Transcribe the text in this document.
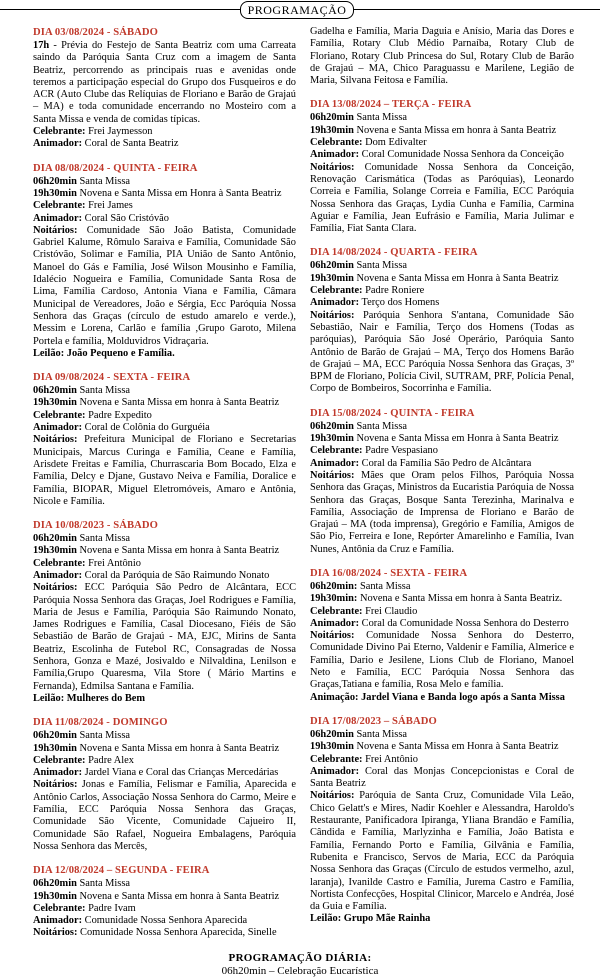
PROGRAMAÇÃO
DIA 03/08/2024 - SÁBADO

17h - Prévia do Festejo de Santa Beatriz com uma Carreata saindo da Paróquia Santa Cruz com a imagem de Santa Beatriz, percorrendo as principais ruas e avenidas onde teremos a participação especial do Grupo dos Fusqueiros e do ACR (Auto Clube das Relíquias de Floriano e Barão de Grajaú – MA) e toda comunidade encerrando no Mosteiro com a Santa Missa e venda de comidas típicas.

Celebrante: Frei Jaymesson

Animador: Coral de Santa Beatriz

DIA 08/08/2024 - QUINTA - FEIRA

06h20min Santa Missa

19h30min Novena e Santa Missa em Honra à Santa Beatriz

Celebrante: Frei James

Animador: Coral São Cristóvão

Noitários: Comunidade São João Batista, Comunidade Gabriel Kalume, Rômulo Saraiva e Família, Comunidade São Cristóvão, Solimar e Família, PIA União de Santo Antônio, Manoel do Gás e Família, José Wilson Mousinho e Família, Idalécio Nogueira e Família, Comunidade Santa Rosa de Lima, Família Cardoso, Antonia Viana e Família, Câmara Municipal de Vereadores, João e Sérgia, Ecc Paróquia Nossa Senhora das Graças (círculo de estudo amarelo e verde.), Messim e Lorena, Carlão e família ,Grupo Garoto, Milena Portela e família, Molduvidros Vidraçaria.

Leilão: João Pequeno e Família.

DIA 09/08/2024 - SEXTA - FEIRA

06h20min Santa Missa

19h30min Novena e Santa Missa em honra à Santa Beatriz

Celebrante: Padre Expedito

Animador: Coral de Colônia do Gurguéia

Noitários: Prefeitura Municipal de Floriano e Secretarias Municipais, Marcus Curinga e Família, Ceane e Família, Arisdete Freitas e Família, Churrascaria Bom Bocado, Elza e Família, Delcy e Djane, Gustavo Neiva e Família, Doralice e Família, BIOPAR, Miguel Eletromóveis, Amaro e Antônia, Nicole e Família.

DIA 10/08/2023 - SÁBADO

06h20min Santa Missa

19h30min Novena e Santa Missa em honra à Santa Beatriz

Celebrante: Frei Antônio

Animador: Coral da Paróquia de São Raimundo Nonato

Noitários: ECC Paróquia São Pedro de Alcântara, ECC Paróquia Nossa Senhora das Graças, Joel Rodrigues e Família, Maria de Jesus e Família, Paróquia São Raimundo Nonato, James Rodrigues e Família, Casal Diocesano, Fiéis de São Sebastião de Barão de Grajaú - MA, EJC, Mirins de Santa Beatriz, Escolinha de Futebol RC, Consagradas de Nossa Senhora, Gonza e Mazé, Josivaldo e Nilvaldina, Lenilson e Família,Grupo Quaresma, Vila Store ( Mário Martins e Fernanda), Edmilsa Santana e Família.

Leilão: Mulheres do Bem

DIA 11/08/2024 - DOMINGO

06h20min Santa Missa

19h30min Novena e Santa Missa em honra à Santa Beatriz

Celebrante: Padre Alex

Animador: Jardel Viana e Coral das Crianças Mercedárias

Noitários: Jonas e Família, Felismar e Família, Aparecida e Antônio Carlos, Associação Nossa Senhora do Carmo, Meire e Família, ECC Paróquia Nossa Senhora das Graças, Comunidade São Vicente, Comunidade Cajueiro II, Comunidade São Rafael, Nogueira Embalagens, Paróquia Nossa Senhora das Mercês,

DIA 12/08/2024 – SEGUNDA - FEIRA

06h20min Santa Missa

19h30min Novena e Santa Missa em honra à Santa Beatriz

Celebrante: Padre Ivam

Animador: Comunidade Nossa Senhora Aparecida

Noitários: Comunidade Nossa Senhora Aparecida, Sinelle

Gadelha e Família, Maria Daguia e Anísio, Maria das Dores e Família, Rotary Club Médio Parnaíba, Rotary Club de Floriano, Rotary Club Princesa do Sul, Rotary Club de Barão de Grajaú – MA, Chico Paraguassu e Marilene, Legião de Maria, Silvana Feitosa e Família.

DIA 13/08/2024 – TERÇA - FEIRA

06h20min Santa Missa

19h30min Novena e Santa Missa em honra à Santa Beatriz

Celebrante: Dom Edivalter

Animador: Coral Comunidade Nossa Senhora da Conceição

Noitários: Comunidade Nossa Senhora da Conceição, Renovação Carismática (Todas as Paróquias), Leonardo Correia e Família, Solange Correia e Família, ECC Paróquia Nossa Senhora das Graças, Lydia Cunha e Família, Carmina Aguiar e Família, Jean Eufrásio e Família, Maria Julimar e Família, Fiat Santa Clara.

DIA 14/08/2024 - QUARTA - FEIRA

06h20min Santa Missa

19h30min Novena e Santa Missa em Honra à Santa Beatriz

Celebrante: Padre Roniere

Animador: Terço dos Homens

Noitários: Paróquia Senhora S'antana, Comunidade São Sebastião, Nair e Família, Terço dos Homens (Todas as paróquias), Paróquia São José Operário, Paróquia Santo Antônio de Barão de Grajaú – MA, Terço dos Homens Barão de Grajaú – MA, ECC Paróquia Nossa Senhora das Graças, 3º BPM de Floriano, Polícia Civil, SUTRAM, PRF, Polícia Penal, Corpo de Bombeiros, Socorrinha e Família.

DIA 15/08/2024 - QUINTA - FEIRA

06h20min Santa Missa

19h30min Novena e Santa Missa em Honra à Santa Beatriz

Celebrante: Padre Vespasiano

Animador: Coral da Família São Pedro de Alcântara

Noitários: Mães que Oram pelos Filhos, Paróquia Nossa Senhora das Graças, Ministros da Eucaristia Paróquia de Nossa Senhora das Graças, Bosque Santa Terezinha, Marinalva e Família, Associação de Imprensa de Floriano e Barão de Grajaú – MA (toda imprensa), Gregório e Família, Amigos de São Pio, Ferreira e Ione, Repórter Amarelinho e Família, Ivan Nunes, Antônia da Cruz e Família.

DIA 16/08/2024 - SEXTA - FEIRA

06h20min: Santa Missa

19h30min: Novena e Santa Missa em honra à Santa Beatriz.

Celebrante: Frei Claudio

Animador: Coral da Comunidade Nossa Senhora do Desterro

Noitários: Comunidade Nossa Senhora do Desterro, Comunidade Divino Pai Eterno, Valdenir e Família, Almerice e Família, Dario e Jesilene, Lions Club de Floriano, Manoel Neto e Família, ECC Paróquia Nossa Senhora das Graças,Tatiana e família, Rosa Melo e família.

Animação: Jardel Viana e Banda logo após a Santa Missa

DIA 17/08/2023 – SÁBADO

06h20min Santa Missa

19h30min Novena e Santa Missa em Honra à Santa Beatriz

Celebrante: Frei Antônio

Animador: Coral das Monjas Concepcionistas e Coral de Santa Beatriz

Noitários: Paróquia de Santa Cruz, Comunidade Vila Leão, Chico Gelatt's e Mires, Nadir Koehler e Alessandra, Haroldo's Restaurante, Panificadora Ipiranga, Yliana Brandão e Família, Cândida e Família, Marlyzinha e Família, João Batista e Família, Fernando Porto e Família, Gilvânia e Família, Rubenita e Francisco, Servos de Maria, ECC da Paróquia Nossa Senhora das Graças (Círculo de estudos vermelho, azul, laranja), Ivanilde Castro e Família, Jurema Castro e Família, Nortista Confecções, Hospital Clinicor, Marcelo e Andréa, José da Guia e Família.

Leilão: Grupo Mãe Rainha

PROGRAMAÇÃO DIÁRIA:
06h20min – Celebração Eucarística
